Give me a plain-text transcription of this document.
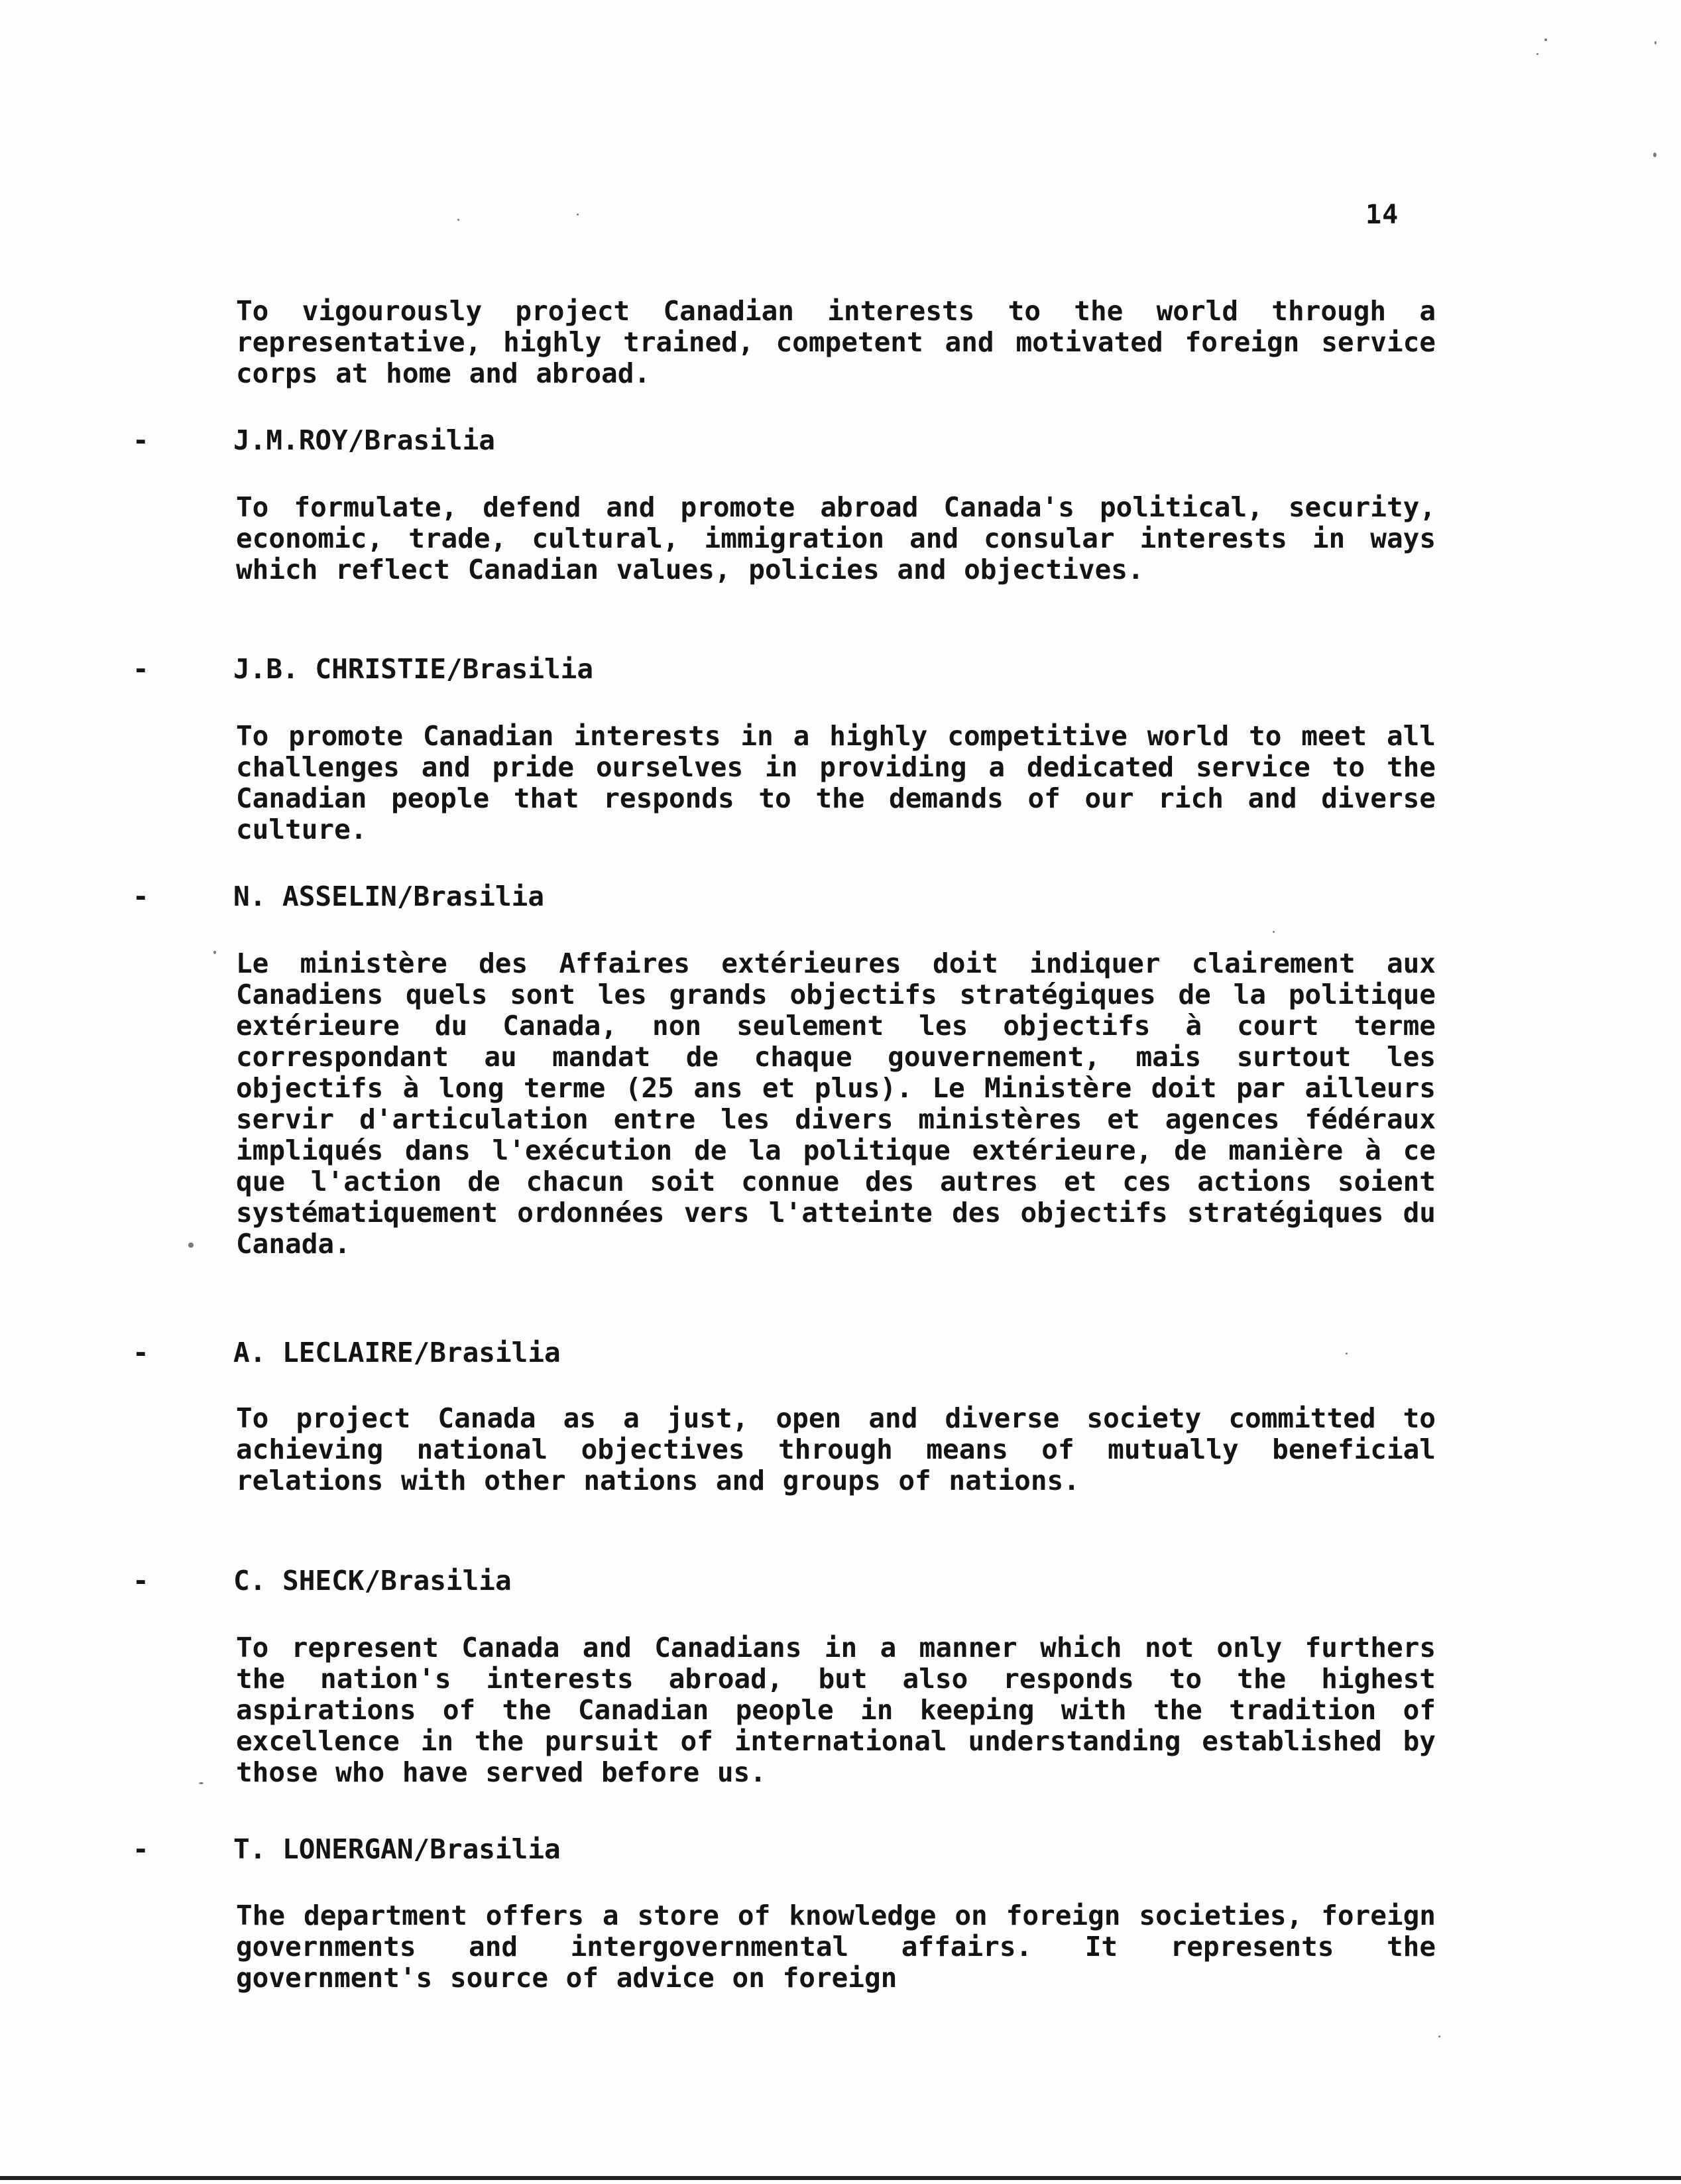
14

To vigourously project Canadian interests to the world through a representative, highly trained, competent and motivated foreign service corps at home and abroad.

-	J.M.ROY/Brasilia

To formulate, defend and promote abroad Canada's political, security, economic, trade, cultural, immigration and consular interests in ways which reflect Canadian values, policies and objectives.

-	J.B. CHRISTIE/Brasilia

To promote Canadian interests in a highly competitive world to meet all challenges and pride ourselves in providing a dedicated service to the Canadian people that responds to the demands of our rich and diverse culture.

-	N. ASSELIN/Brasilia

Le ministère des Affaires extérieures doit indiquer clairement aux Canadiens quels sont les grands objectifs stratégiques de la politique extérieure du Canada, non seulement les objectifs à court terme correspondant au mandat de chaque gouvernement, mais surtout les objectifs à long terme (25 ans et plus). Le Ministère doit par ailleurs servir d'articulation entre les divers ministères et agences fédéraux impliqués dans l'exécution de la politique extérieure, de manière à ce que l'action de chacun soit connue des autres et ces actions soient systématiquement ordonnées vers l'atteinte des objectifs stratégiques du Canada.

-	A. LECLAIRE/Brasilia

To project Canada as a just, open and diverse society committed to achieving national objectives through means of mutually beneficial relations with other nations and groups of nations.

-	C. SHECK/Brasilia

To represent Canada and Canadians in a manner which not only furthers the nation's interests abroad, but also responds to the highest aspirations of the Canadian people in keeping with the tradition of excellence in the pursuit of international understanding established by those who have served before us.

-	T. LONERGAN/Brasilia

The department offers a store of knowledge on foreign societies, foreign governments and intergovernmental affairs. It represents the government's source of advice on foreign
